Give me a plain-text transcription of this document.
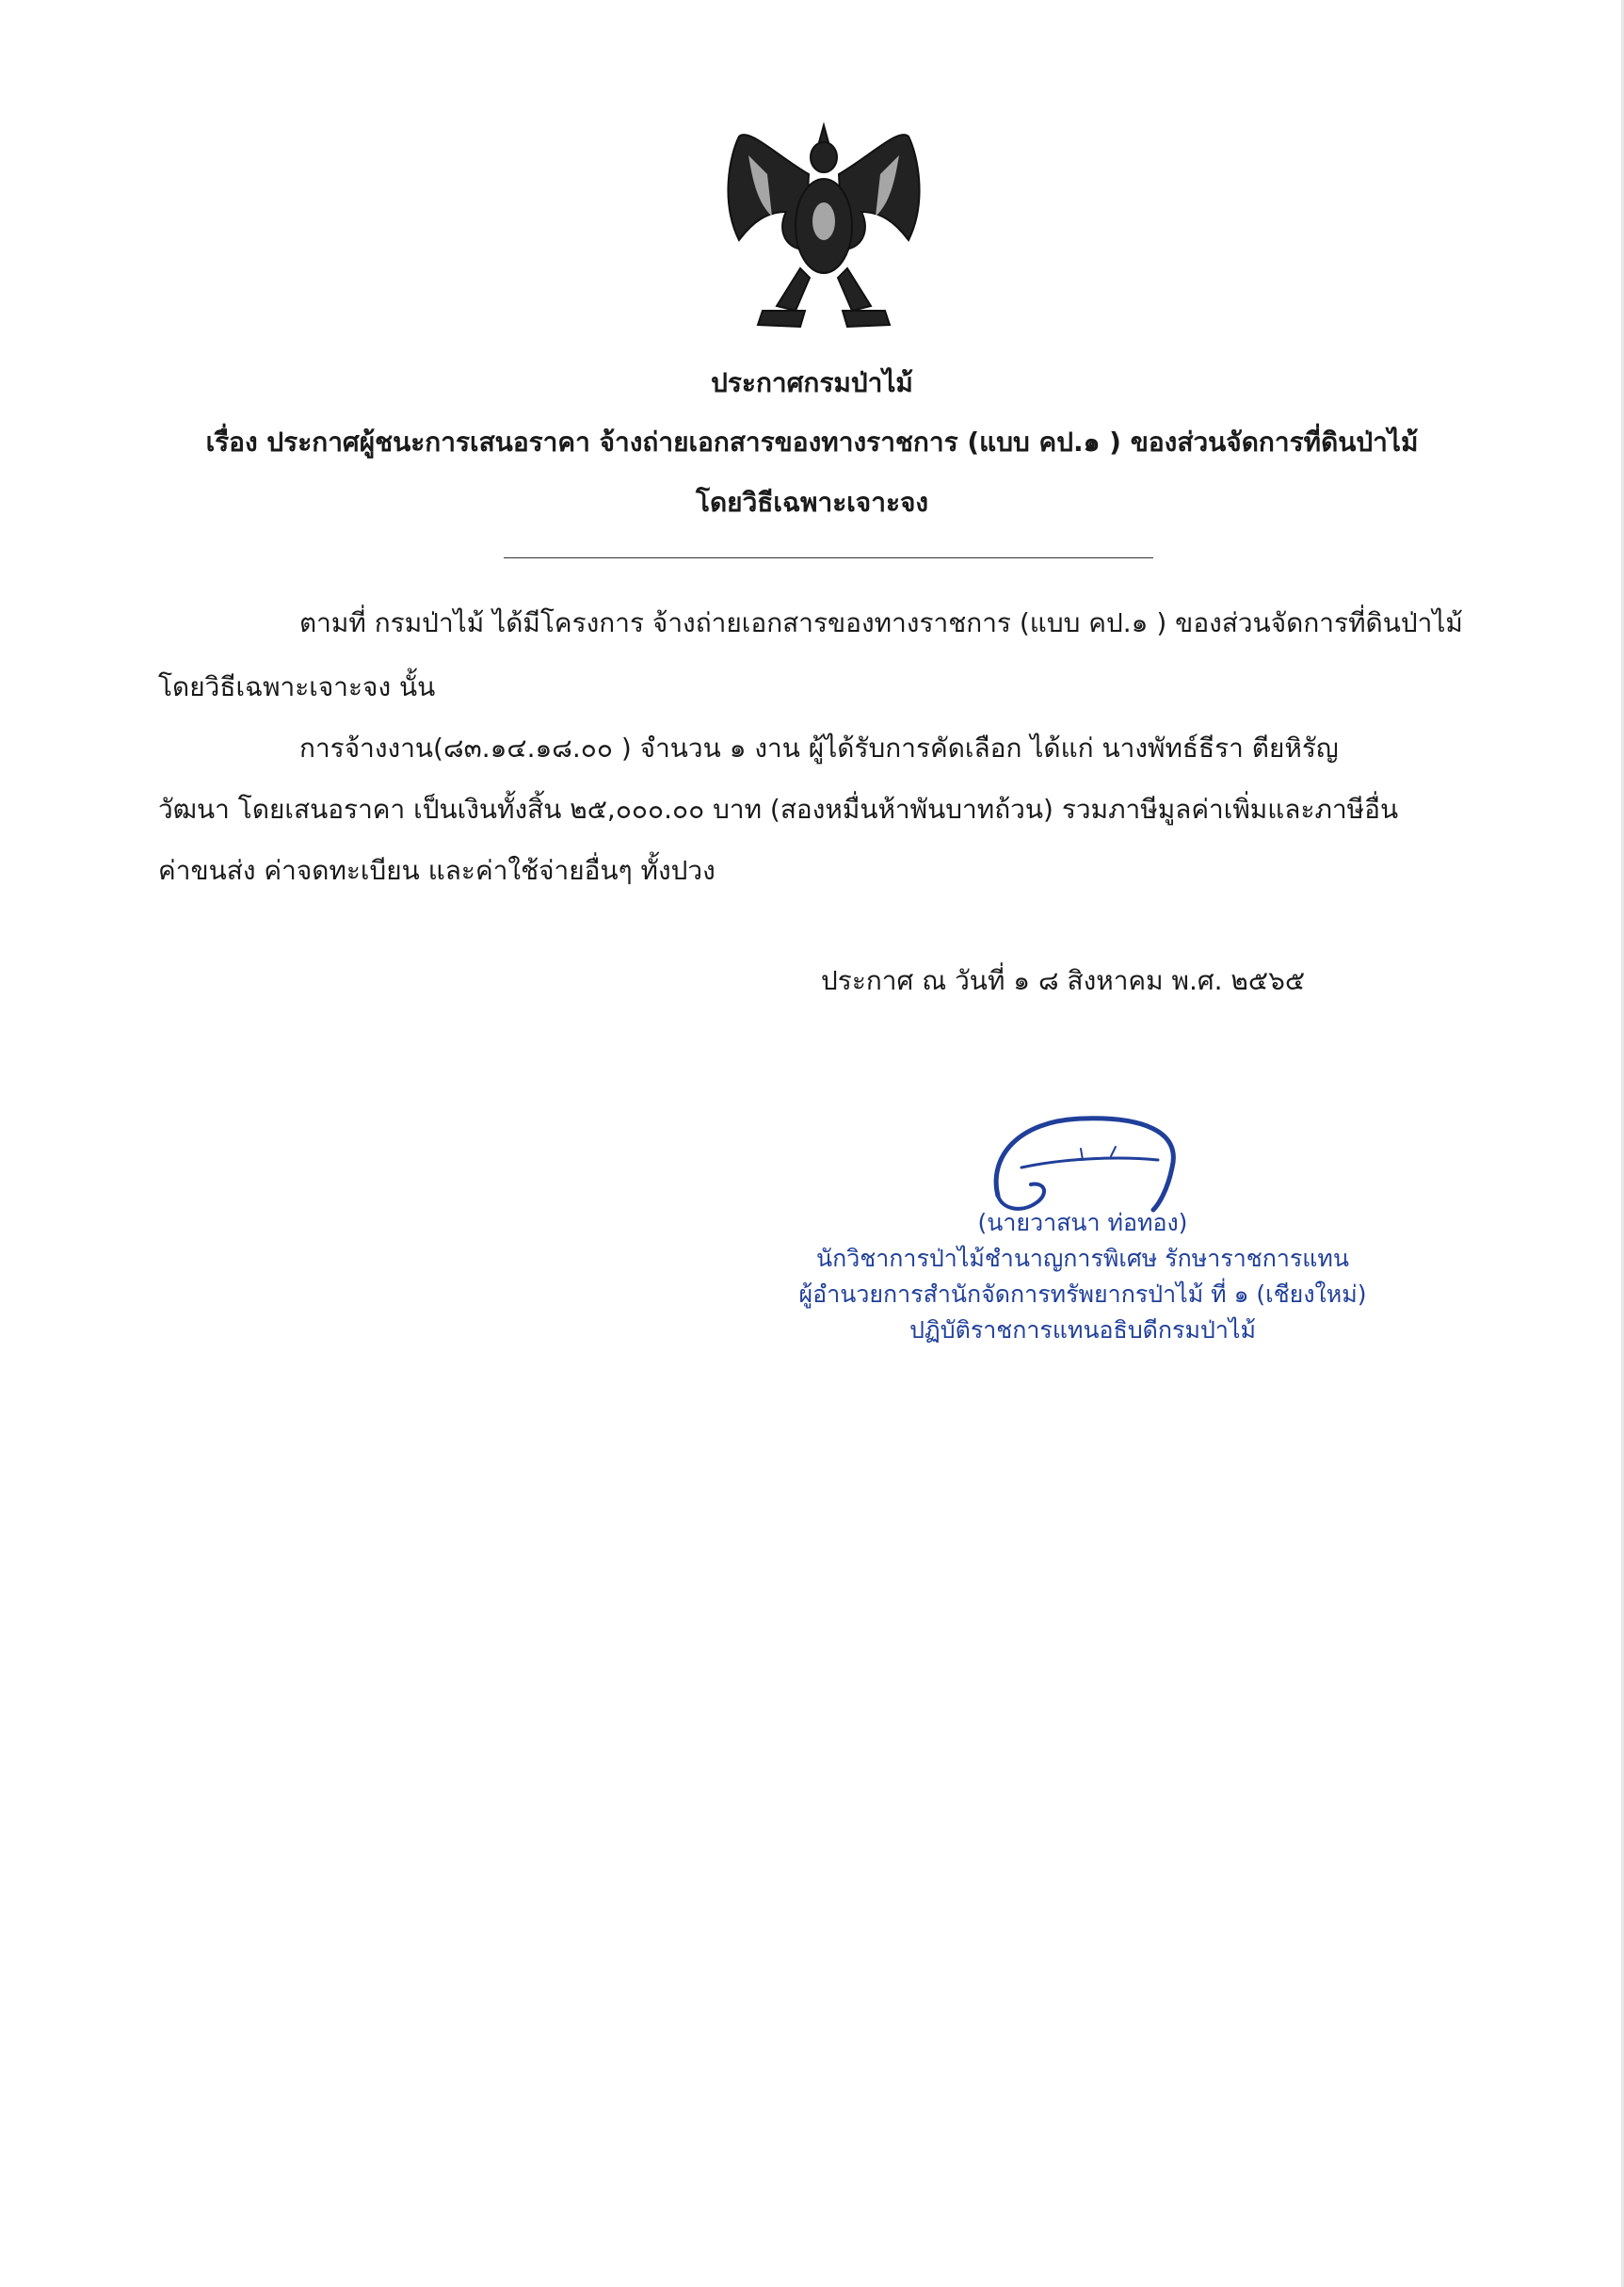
ประกาศกรมป่าไม้
เรื่อง ประกาศผู้ชนะการเสนอราคา จ้างถ่ายเอกสารของทางราชการ (แบบ คป.๑ ) ของส่วนจัดการที่ดินป่าไม้
โดยวิธีเฉพาะเจาะจง
ตามที่ กรมป่าไม้ ได้มีโครงการ จ้างถ่ายเอกสารของทางราชการ (แบบ คป.๑ ) ของส่วนจัดการที่ดินป่าไม้
โดยวิธีเฉพาะเจาะจง นั้น
การจ้างงาน(๘๓.๑๔.๑๘.๐๐ ) จำนวน ๑ งาน ผู้ได้รับการคัดเลือก ได้แก่ นางพัทธ์ธีรา ตียหิรัญ
วัฒนา โดยเสนอราคา เป็นเงินทั้งสิ้น ๒๕,๐๐๐.๐๐ บาท (สองหมื่นห้าพันบาทถ้วน) รวมภาษีมูลค่าเพิ่มและภาษีอื่น
ค่าขนส่ง ค่าจดทะเบียน และค่าใช้จ่ายอื่นๆ ทั้งปวง
ประกาศ ณ วันที่ ๑ ๘ สิงหาคม พ.ศ. ๒๕๖๕
(นายวาสนา ท่อทอง)
นักวิชาการป่าไม้ชำนาญการพิเศษ รักษาราชการแทน
ผู้อำนวยการสำนักจัดการทรัพยากรป่าไม้ ที่ ๑ (เชียงใหม่)
ปฏิบัติราชการแทนอธิบดีกรมป่าไม้
